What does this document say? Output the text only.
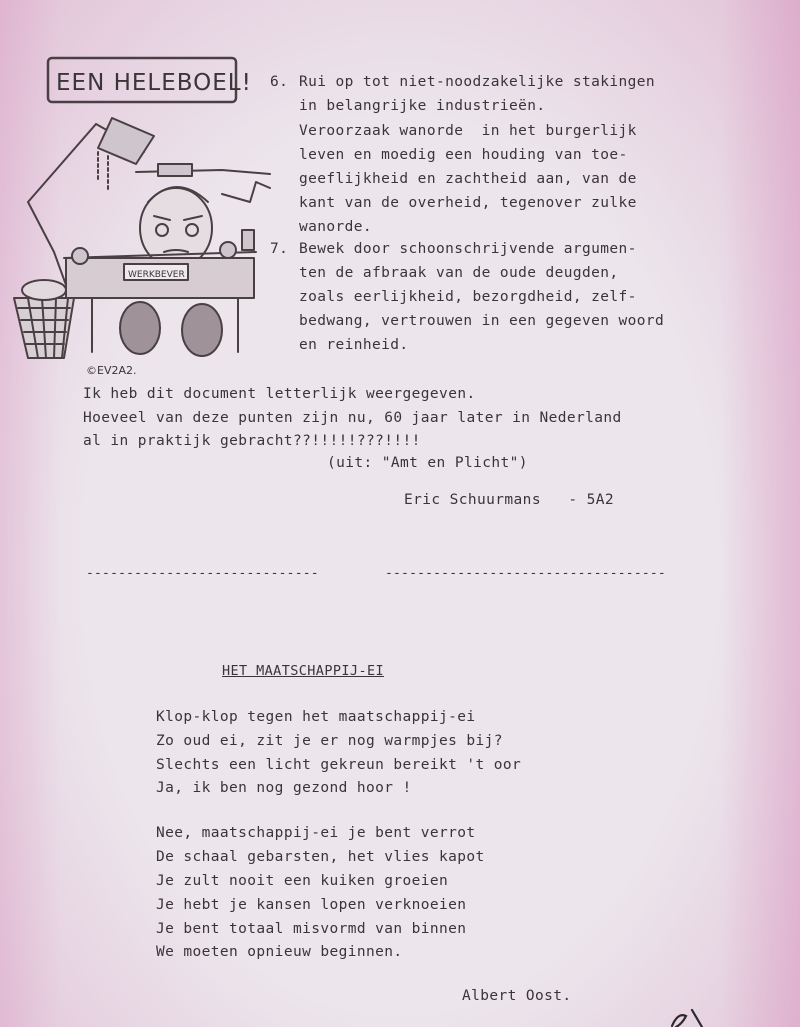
EEN HELEBOEL!
WERKBEVER
©EV2A2.
6. Rui op tot niet-noodzakelijke stakingen
in belangrijke industrieën.
Veroorzaak wanorde  in het burgerlijk
leven en moedig een houding van toe-
geeflijkheid en zachtheid aan, van de
kant van de overheid, tegenover zulke
wanorde.
7. Bewek door schoonschrijvende argumen-
ten de afbraak van de oude deugden,
zoals eerlijkheid, bezorgdheid, zelf-
bedwang, vertrouwen in een gegeven woord
en reinheid.
Ik heb dit document letterlijk weergegeven.
Hoeveel van deze punten zijn nu, 60 jaar later in Nederland
al in praktijk gebracht??!!!!!???!!!!
(uit: "Amt en Plicht")
Eric Schuurmans   - 5A2
-----------------------------	-----------------------------------
HET MAATSCHAPPIJ-EI
Klop-klop tegen het maatschappij-ei
Zo oud ei, zit je er nog warmpjes bij?
Slechts een licht gekreun bereikt 't oor
Ja, ik ben nog gezond hoor !
Nee, maatschappij-ei je bent verrot
De schaal gebarsten, het vlies kapot
Je zult nooit een kuiken groeien
Je hebt je kansen lopen verknoeien
Je bent totaal misvormd van binnen
We moeten opnieuw beginnen.
Albert Oost.
